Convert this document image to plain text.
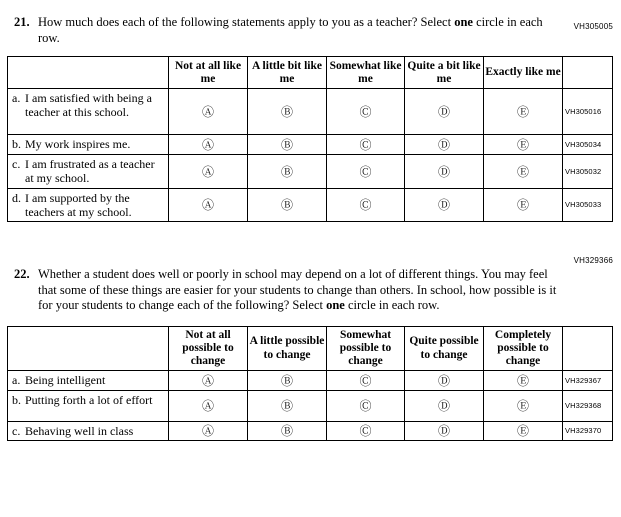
VH305005
21. How much does each of the following statements apply to you as a teacher? Select one circle in each row.
	Not at all like me	A little bit like me	Somewhat like me	Quite a bit like me	Exactly like me	
a. I am satisfied with being a teacher at this school.	Ⓐ	Ⓑ	Ⓒ	Ⓓ	Ⓔ	VH305016
b. My work inspires me.	Ⓐ	Ⓑ	Ⓒ	Ⓓ	Ⓔ	VH305034
c. I am frustrated as a teacher at my school.	Ⓐ	Ⓑ	Ⓒ	Ⓓ	Ⓔ	VH305032
d. I am supported by the teachers at my school.	Ⓐ	Ⓑ	Ⓒ	Ⓓ	Ⓔ	VH305033
VH329366
22. Whether a student does well or poorly in school may depend on a lot of different things. You may feel that some of these things are easier for your students to change than others. In school, how possible is it for your students to change each of the following? Select one circle in each row.
	Not at all possible to change	A little possible to change	Somewhat possible to change	Quite possible to change	Completely possible to change	
a. Being intelligent	Ⓐ	Ⓑ	Ⓒ	Ⓓ	Ⓔ	VH329367
b. Putting forth a lot of effort	Ⓐ	Ⓑ	Ⓒ	Ⓓ	Ⓔ	VH329368
c. Behaving well in class	Ⓐ	Ⓑ	Ⓒ	Ⓓ	Ⓔ	VH329370
